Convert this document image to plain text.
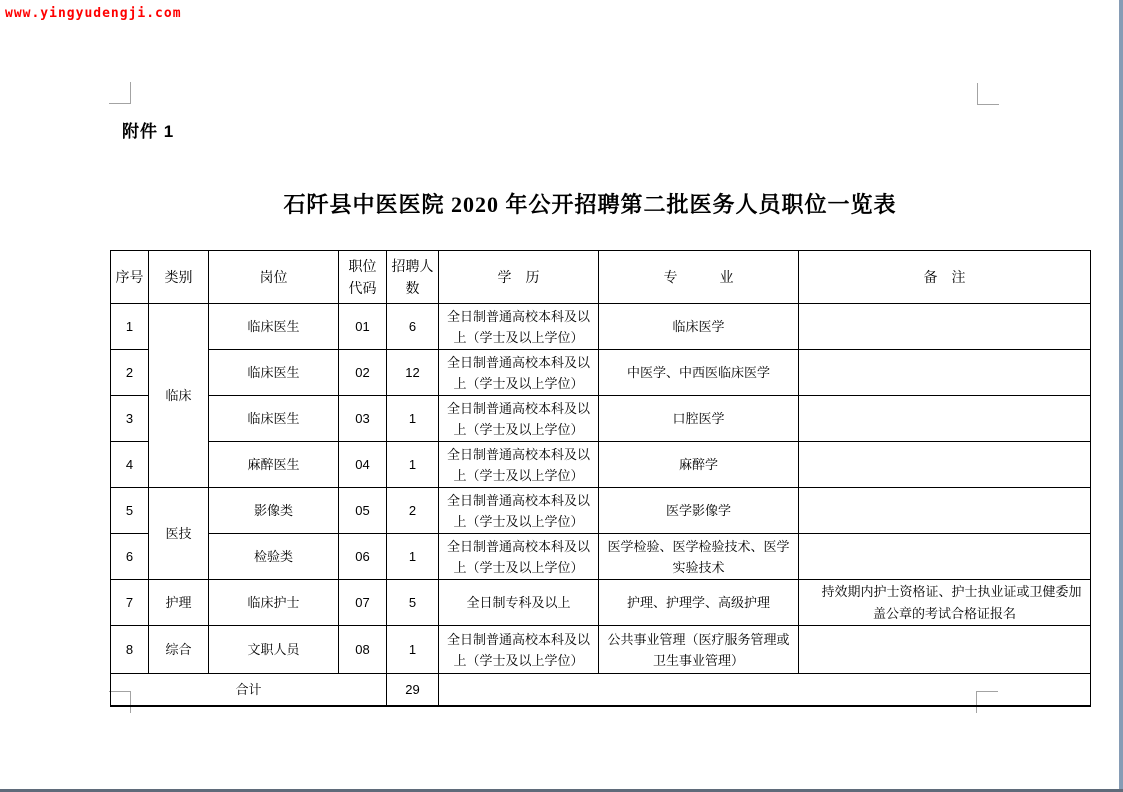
www.yingyudengji.com
附件 1
石阡县中医医院 2020 年公开招聘第二批医务人员职位一览表
序号	类别	岗位	职位代码	招聘人数	学　历	专　　　业	备　注
1	临床	临床医生	01	6	全日制普通高校本科及以上（学士及以上学位）	临床医学	
2		临床医生	02	12	全日制普通高校本科及以上（学士及以上学位）	中医学、中西医临床医学	
3		临床医生	03	1	全日制普通高校本科及以上（学士及以上学位）	口腔医学	
4		麻醉医生	04	1	全日制普通高校本科及以上（学士及以上学位）	麻醉学	
5	医技	影像类	05	2	全日制普通高校本科及以上（学士及以上学位）	医学影像学	
6		检验类	06	1	全日制普通高校本科及以上（学士及以上学位）	医学检验、医学检验技术、医学实验技术	
7	护理	临床护士	07	5	全日制专科及以上	护理、护理学、高级护理	持效期内护士资格证、护士执业证或卫健委加盖公章的考试合格证报名
8	综合	文职人员	08	1	全日制普通高校本科及以上（学士及以上学位）	公共事业管理（医疗服务管理或卫生事业管理）	
合计				29			
